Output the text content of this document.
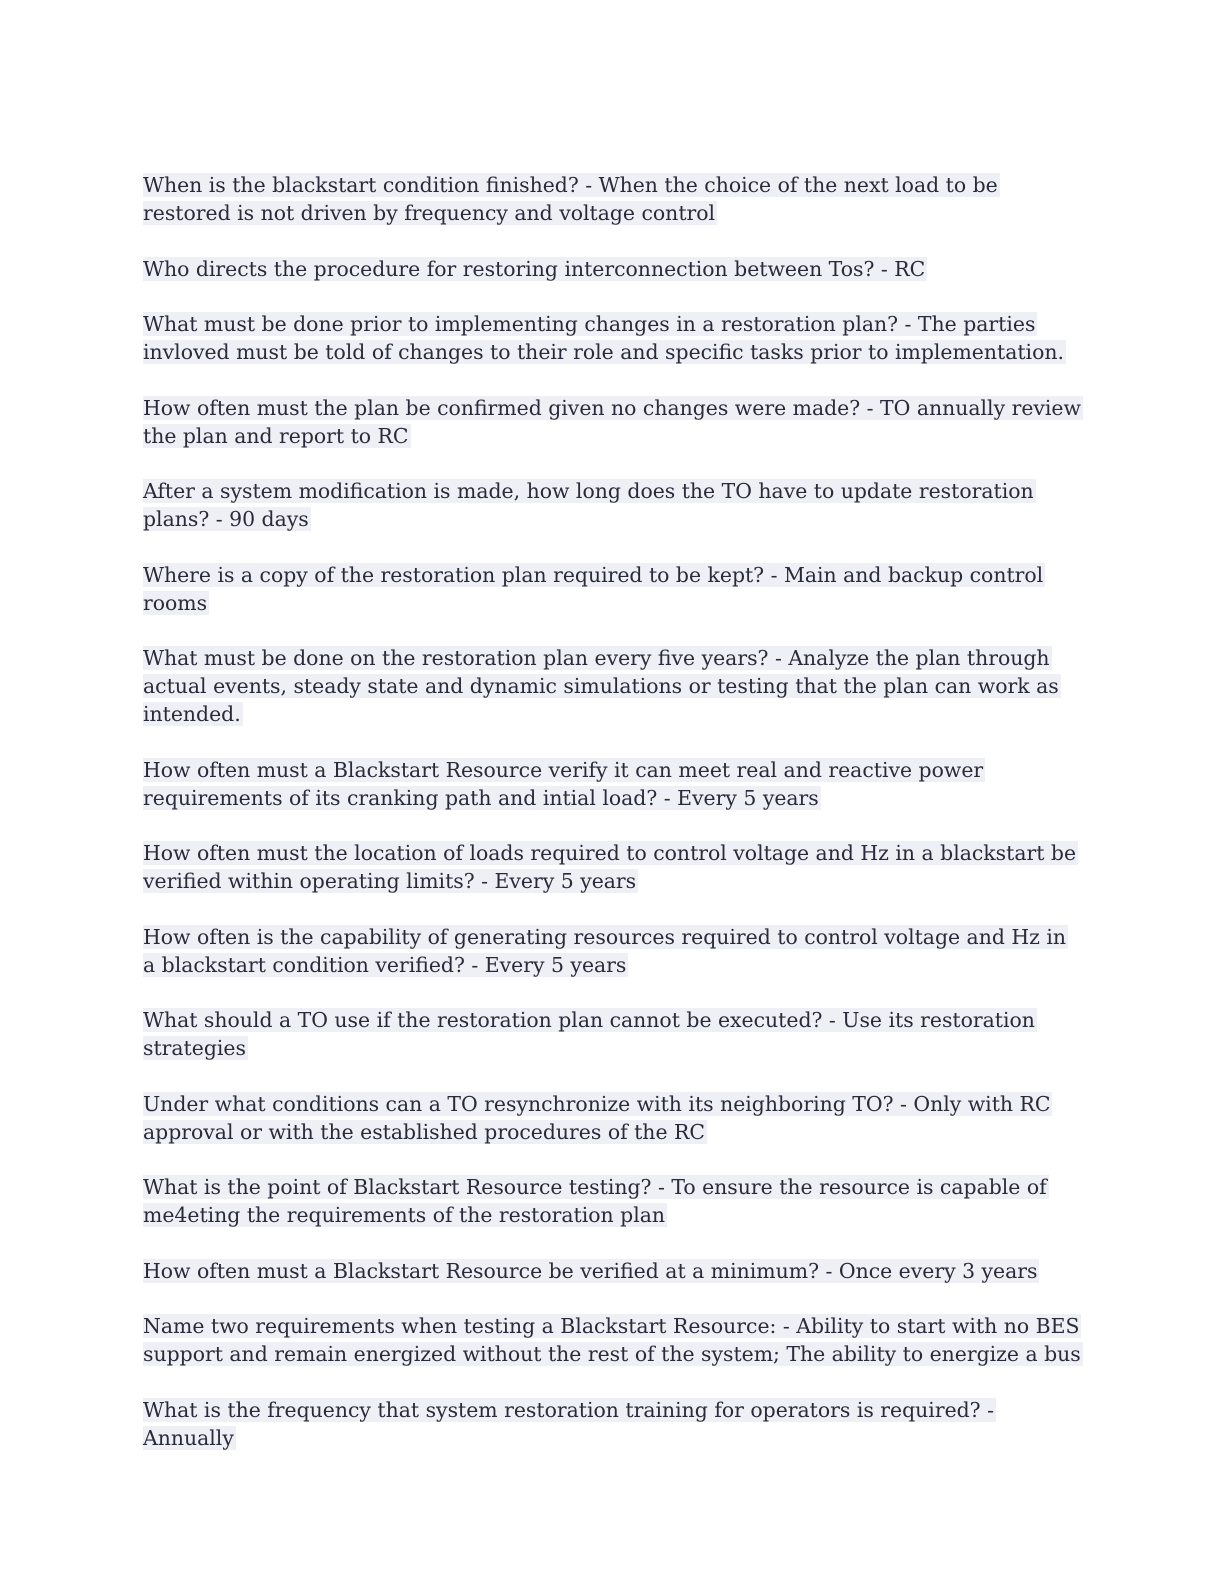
When is the blackstart condition finished? - When the choice of the next load to be restored is not driven by frequency and voltage control

Who directs the procedure for restoring interconnection between Tos? - RC

What must be done prior to implementing changes in a restoration plan? - The parties invloved must be told of changes to their role and specific tasks prior to implementation.

How often must the plan be confirmed given no changes were made? - TO annually review the plan and report to RC

After a system modification is made, how long does the TO have to update restoration plans? - 90 days

Where is a copy of the restoration plan required to be kept? - Main and backup control rooms

What must be done on the restoration plan every five years? - Analyze the plan through actual events, steady state and dynamic simulations or testing that the plan can work as intended.

How often must a Blackstart Resource verify it can meet real and reactive power requirements of its cranking path and intial load? - Every 5 years

How often must the location of loads required to control voltage and Hz in a blackstart be verified within operating limits? - Every 5 years

How often is the capability of generating resources required to control voltage and Hz in a blackstart condition verified? - Every 5 years

What should a TO use if the restoration plan cannot be executed? - Use its restoration strategies

Under what conditions can a TO resynchronize with its neighboring TO? - Only with RC approval or with the established procedures of the RC

What is the point of Blackstart Resource testing? - To ensure the resource is capable of me4eting the requirements of the restoration plan

How often must a Blackstart Resource be verified at a minimum? - Once every 3 years

Name two requirements when testing a Blackstart Resource: - Ability to start with no BES support and remain energized without the rest of the system; The ability to energize a bus

What is the frequency that system restoration training for operators is required? - Annually
